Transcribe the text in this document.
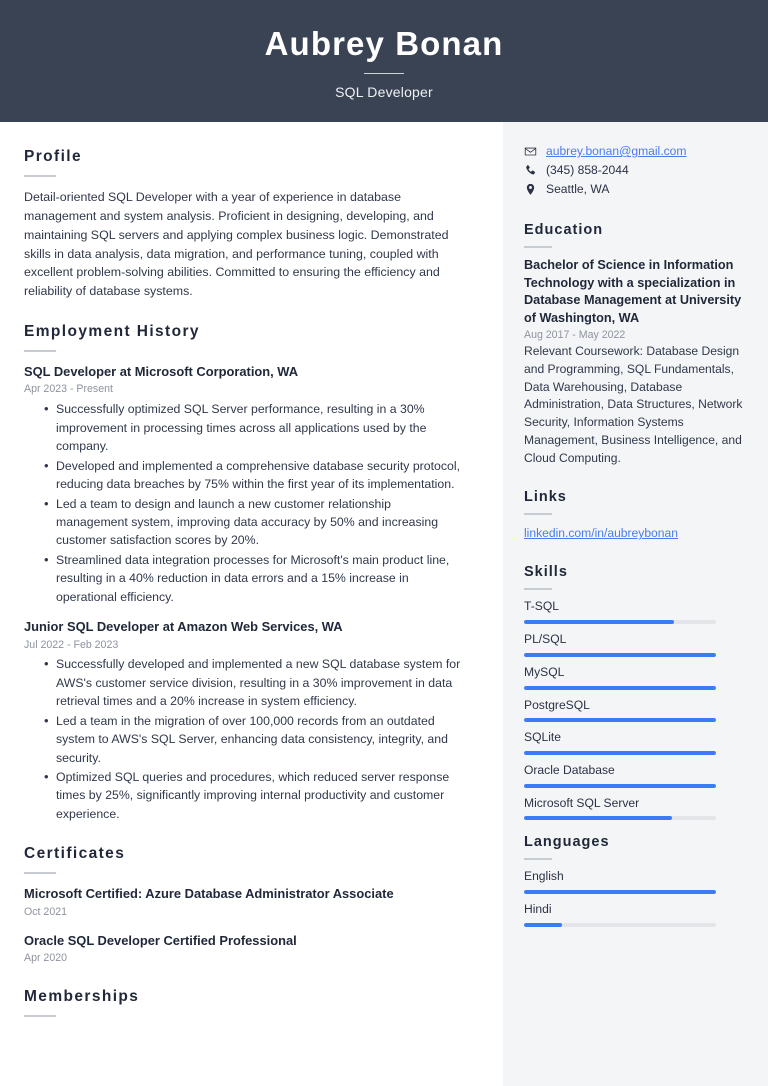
Aubrey Bonan
SQL Developer
Profile
Detail-oriented SQL Developer with a year of experience in database management and system analysis. Proficient in designing, developing, and maintaining SQL servers and applying complex business logic. Demonstrated skills in data analysis, data migration, and performance tuning, coupled with excellent problem-solving abilities. Committed to ensuring the efficiency and reliability of database systems.
Employment History
SQL Developer at Microsoft Corporation, WA
Apr 2023 - Present
• Successfully optimized SQL Server performance, resulting in a 30% improvement in processing times across all applications used by the company.
• Developed and implemented a comprehensive database security protocol, reducing data breaches by 75% within the first year of its implementation.
• Led a team to design and launch a new customer relationship management system, improving data accuracy by 50% and increasing customer satisfaction scores by 20%.
• Streamlined data integration processes for Microsoft's main product line, resulting in a 40% reduction in data errors and a 15% increase in operational efficiency.
Junior SQL Developer at Amazon Web Services, WA
Jul 2022 - Feb 2023
• Successfully developed and implemented a new SQL database system for AWS's customer service division, resulting in a 30% improvement in data retrieval times and a 20% increase in system efficiency.
• Led a team in the migration of over 100,000 records from an outdated system to AWS's SQL Server, enhancing data consistency, integrity, and security.
• Optimized SQL queries and procedures, which reduced server response times by 25%, significantly improving internal productivity and customer experience.
Certificates
Microsoft Certified: Azure Database Administrator Associate
Oct 2021
Oracle SQL Developer Certified Professional
Apr 2020
Memberships
aubrey.bonan@gmail.com
(345) 858-2044
Seattle, WA
Education
Bachelor of Science in Information Technology with a specialization in Database Management at University of Washington, WA
Aug 2017 - May 2022
Relevant Coursework: Database Design and Programming, SQL Fundamentals, Data Warehousing, Database Administration, Data Structures, Network Security, Information Systems Management, Business Intelligence, and Cloud Computing.
Links
linkedin.com/in/aubreybonan
Skills
T-SQL
PL/SQL
MySQL
PostgreSQL
SQLite
Oracle Database
Microsoft SQL Server
Languages
English
Hindi
